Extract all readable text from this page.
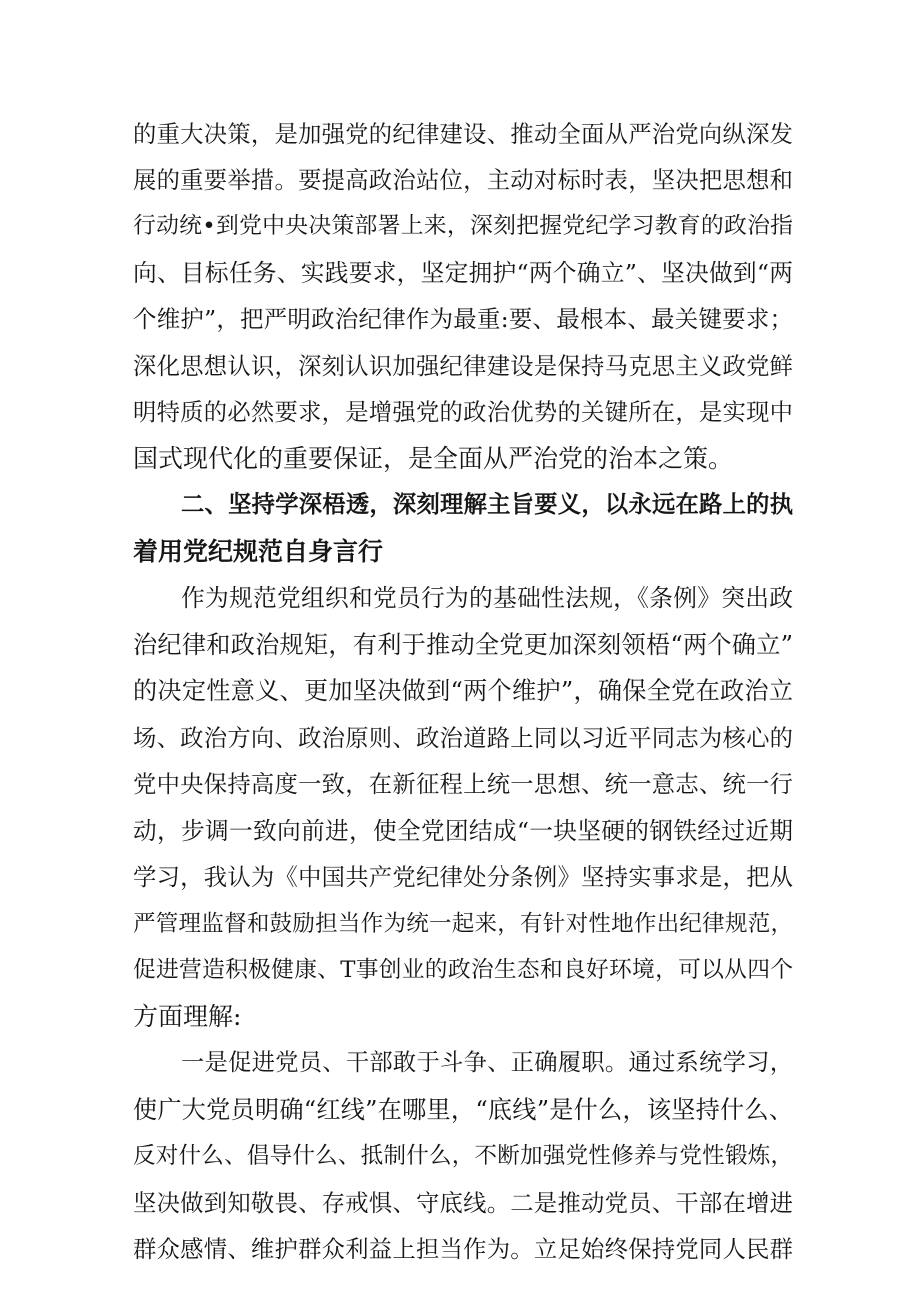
的重大决策，是加强党的纪律建设、推动全面从严治党向纵深发
展的重要举措。要提高政治站位，主动对标时表，坚决把思想和
行动统•到党中央决策部署上来，深刻把握党纪学习教育的政治指
向、目标任务、实践要求，坚定拥护“两个确立”、坚决做到“两
个维护”，把严明政治纪律作为最重:要、最根本、最关键要求；
深化思想认识，深刻认识加强纪律建设是保持马克思主义政党鲜
明特质的必然要求，是增强党的政治优势的关键所在，是实现中
国式现代化的重要保证，是全面从严治党的治本之策。
二、坚持学深梧透，深刻理解主旨要义，以永远在路上的执
着用党纪规范自身言行
作为规范党组织和党员行为的基础性法规，《条例》突出政
治纪律和政治规矩，有利于推动全党更加深刻领梧“两个确立”
的决定性意义、更加坚决做到“两个维护”，确保全党在政治立
场、政治方向、政治原则、政治道路上同以习近平同志为核心的
党中央保持高度一致，在新征程上统一思想、统一意志、统一行
动，步调一致向前进，使全党团结成“一块坚硬的钢铁经过近期
学习，我认为《中国共产党纪律处分条例》坚持实事求是，把从
严管理监督和鼓励担当作为统一起来，有针对性地作出纪律规范，
促进营造积极健康、T事创业的政治生态和良好环境，可以从四个
方面理解:
一是促进党员、干部敢于斗争、正确履职。通过系统学习，
使广大党员明确“红线”在哪里，“底线”是什么，该坚持什么、
反对什么、倡导什么、抵制什么，不断加强党性修养与党性锻炼，
坚决做到知敬畏、存戒惧、守底线。二是推动党员、干部在增进
群众感情、维护群众利益上担当作为。立足始终保持党同人民群
